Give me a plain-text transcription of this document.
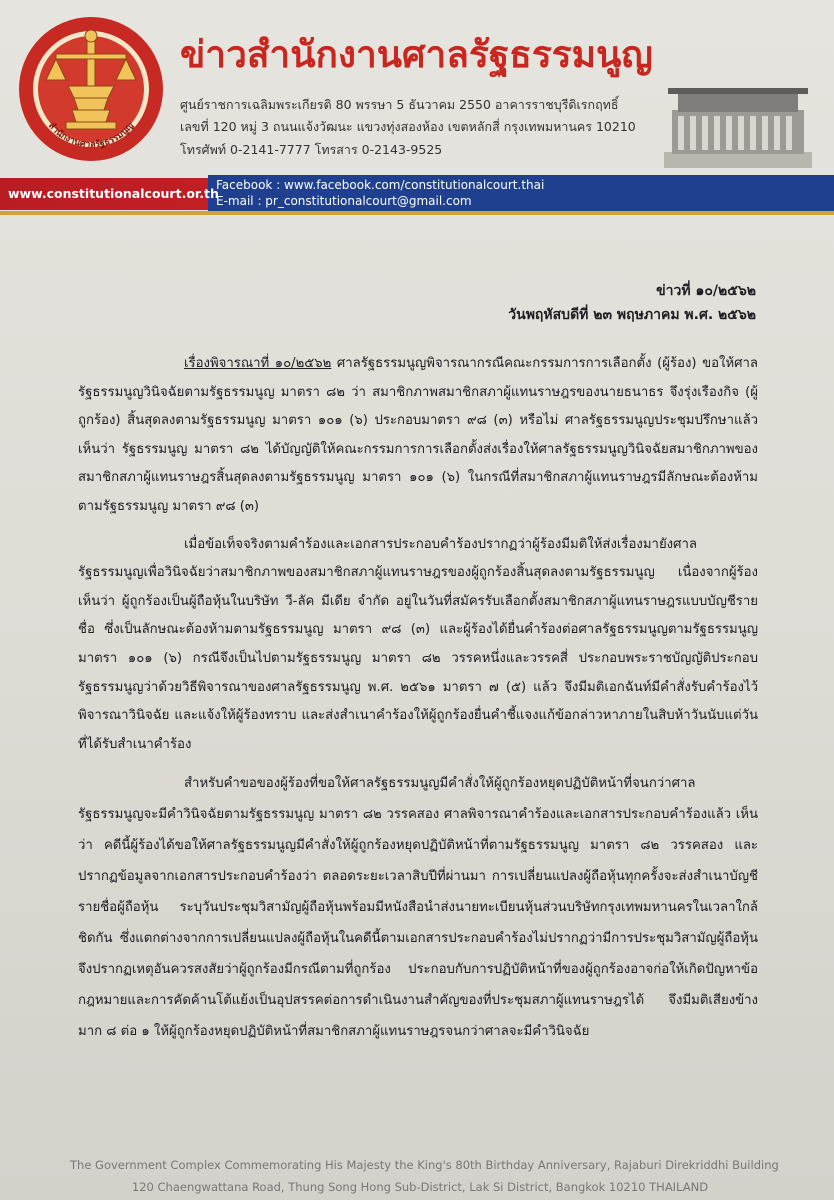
สำนักงานศาลรัฐธรรมนูญ
ข่าวสำนักงานศาลรัฐธรรมนูญ
ศูนย์ราชการเฉลิมพระเกียรติ 80 พรรษา 5 ธันวาคม 2550 อาคารราชบุรีดิเรกฤทธิ์
เลขที่ 120 หมู่ 3 ถนนแจ้งวัฒนะ แขวงทุ่งสองห้อง เขตหลักสี่ กรุงเทพมหานคร 10210
โทรศัพท์ 0-2141-7777 โทรสาร 0-2143-9525
www.constitutionalcourt.or.th
Facebook : www.facebook.com/constitutionalcourt.thai
E-mail : pr_constitutionalcourt@gmail.com
ข่าวที่ ๑๐/๒๕๖๒
วันพฤหัสบดีที่ ๒๓ พฤษภาคม พ.ศ. ๒๕๖๒

เรื่องพิจารณาที่ ๑๐/๒๕๖๒ ศาลรัฐธรรมนูญพิจารณากรณีคณะกรรมการการเลือกตั้ง (ผู้ร้อง) ขอให้ศาลรัฐธรรมนูญวินิจฉัยตามรัฐธรรมนูญ มาตรา ๘๒ ว่า สมาชิกภาพสมาชิกสภาผู้แทนราษฎรของนายธนาธร จึงรุ่งเรืองกิจ (ผู้ถูกร้อง) สิ้นสุดลงตามรัฐธรรมนูญ มาตรา ๑๐๑ (๖) ประกอบมาตรา ๙๘ (๓) หรือไม่ ศาลรัฐธรรมนูญประชุมปรึกษาแล้วเห็นว่า รัฐธรรมนูญ มาตรา ๘๒ ได้บัญญัติให้คณะกรรมการการเลือกตั้งส่งเรื่องให้ศาลรัฐธรรมนูญวินิจฉัยสมาชิกภาพของสมาชิกสภาผู้แทนราษฎรสิ้นสุดลงตามรัฐธรรมนูญ มาตรา ๑๐๑ (๖) ในกรณีที่สมาชิกสภาผู้แทนราษฎรมีลักษณะต้องห้ามตามรัฐธรรมนูญ มาตรา ๙๘ (๓)

เมื่อข้อเท็จจริงตามคำร้องและเอกสารประกอบคำร้องปรากฏว่าผู้ร้องมีมติให้ส่งเรื่องมายังศาลรัฐธรรมนูญเพื่อวินิจฉัยว่าสมาชิกภาพของสมาชิกสภาผู้แทนราษฎรของผู้ถูกร้องสิ้นสุดลงตามรัฐธรรมนูญ เนื่องจากผู้ร้องเห็นว่า ผู้ถูกร้องเป็นผู้ถือหุ้นในบริษัท วี-ลัค มีเดีย จำกัด อยู่ในวันที่สมัครรับเลือกตั้งสมาชิกสภาผู้แทนราษฎรแบบบัญชีรายชื่อ ซึ่งเป็นลักษณะต้องห้ามตามรัฐธรรมนูญ มาตรา ๙๘ (๓) และผู้ร้องได้ยื่นคำร้องต่อศาลรัฐธรรมนูญตามรัฐธรรมนูญ มาตรา ๑๐๑ (๖) กรณีจึงเป็นไปตามรัฐธรรมนูญ มาตรา ๘๒ วรรคหนึ่งและวรรคสี่ ประกอบพระราชบัญญัติประกอบรัฐธรรมนูญว่าด้วยวิธีพิจารณาของศาลรัฐธรรมนูญ พ.ศ. ๒๕๖๑ มาตรา ๗ (๕) แล้ว จึงมีมติเอกฉันท์มีคำสั่งรับคำร้องไว้พิจารณาวินิจฉัย และแจ้งให้ผู้ร้องทราบ และส่งสำเนาคำร้องให้ผู้ถูกร้องยื่นคำชี้แจงแก้ข้อกล่าวหาภายในสิบห้าวันนับแต่วันที่ได้รับสำเนาคำร้อง

สำหรับคำขอของผู้ร้องที่ขอให้ศาลรัฐธรรมนูญมีคำสั่งให้ผู้ถูกร้องหยุดปฏิบัติหน้าที่จนกว่าศาลรัฐธรรมนูญจะมีคำวินิจฉัยตามรัฐธรรมนูญ มาตรา ๘๒ วรรคสอง ศาลพิจารณาคำร้องและเอกสารประกอบคำร้องแล้ว เห็นว่า คดีนี้ผู้ร้องได้ขอให้ศาลรัฐธรรมนูญมีคำสั่งให้ผู้ถูกร้องหยุดปฏิบัติหน้าที่ตามรัฐธรรมนูญ มาตรา ๘๒ วรรคสอง และปรากฏข้อมูลจากเอกสารประกอบคำร้องว่า ตลอดระยะเวลาสิบปีที่ผ่านมา การเปลี่ยนแปลงผู้ถือหุ้นทุกครั้งจะส่งสำเนาบัญชีรายชื่อผู้ถือหุ้น ระบุวันประชุมวิสามัญผู้ถือหุ้นพร้อมมีหนังสือนำส่งนายทะเบียนหุ้นส่วนบริษัทกรุงเทพมหานครในเวลาใกล้ชิดกัน ซึ่งแตกต่างจากการเปลี่ยนแปลงผู้ถือหุ้นในคดีนี้ตามเอกสารประกอบคำร้องไม่ปรากฏว่ามีการประชุมวิสามัญผู้ถือหุ้น จึงปรากฏเหตุอันควรสงสัยว่าผู้ถูกร้องมีกรณีตามที่ถูกร้อง ประกอบกับการปฏิบัติหน้าที่ของผู้ถูกร้องอาจก่อให้เกิดปัญหาข้อกฎหมายและการคัดค้านโต้แย้งเป็นอุปสรรคต่อการดำเนินงานสำคัญของที่ประชุมสภาผู้แทนราษฎรได้ จึงมีมติเสียงข้างมาก ๘ ต่อ ๑ ให้ผู้ถูกร้องหยุดปฏิบัติหน้าที่สมาชิกสภาผู้แทนราษฎรจนกว่าศาลจะมีคำวินิจฉัย

The Government Complex Commemorating His Majesty the King's 80th Birthday Anniversary, Rajaburi Direkriddhi Building
120 Chaengwattana Road, Thung Song Hong Sub-District, Lak Si District, Bangkok 10210 THAILAND
